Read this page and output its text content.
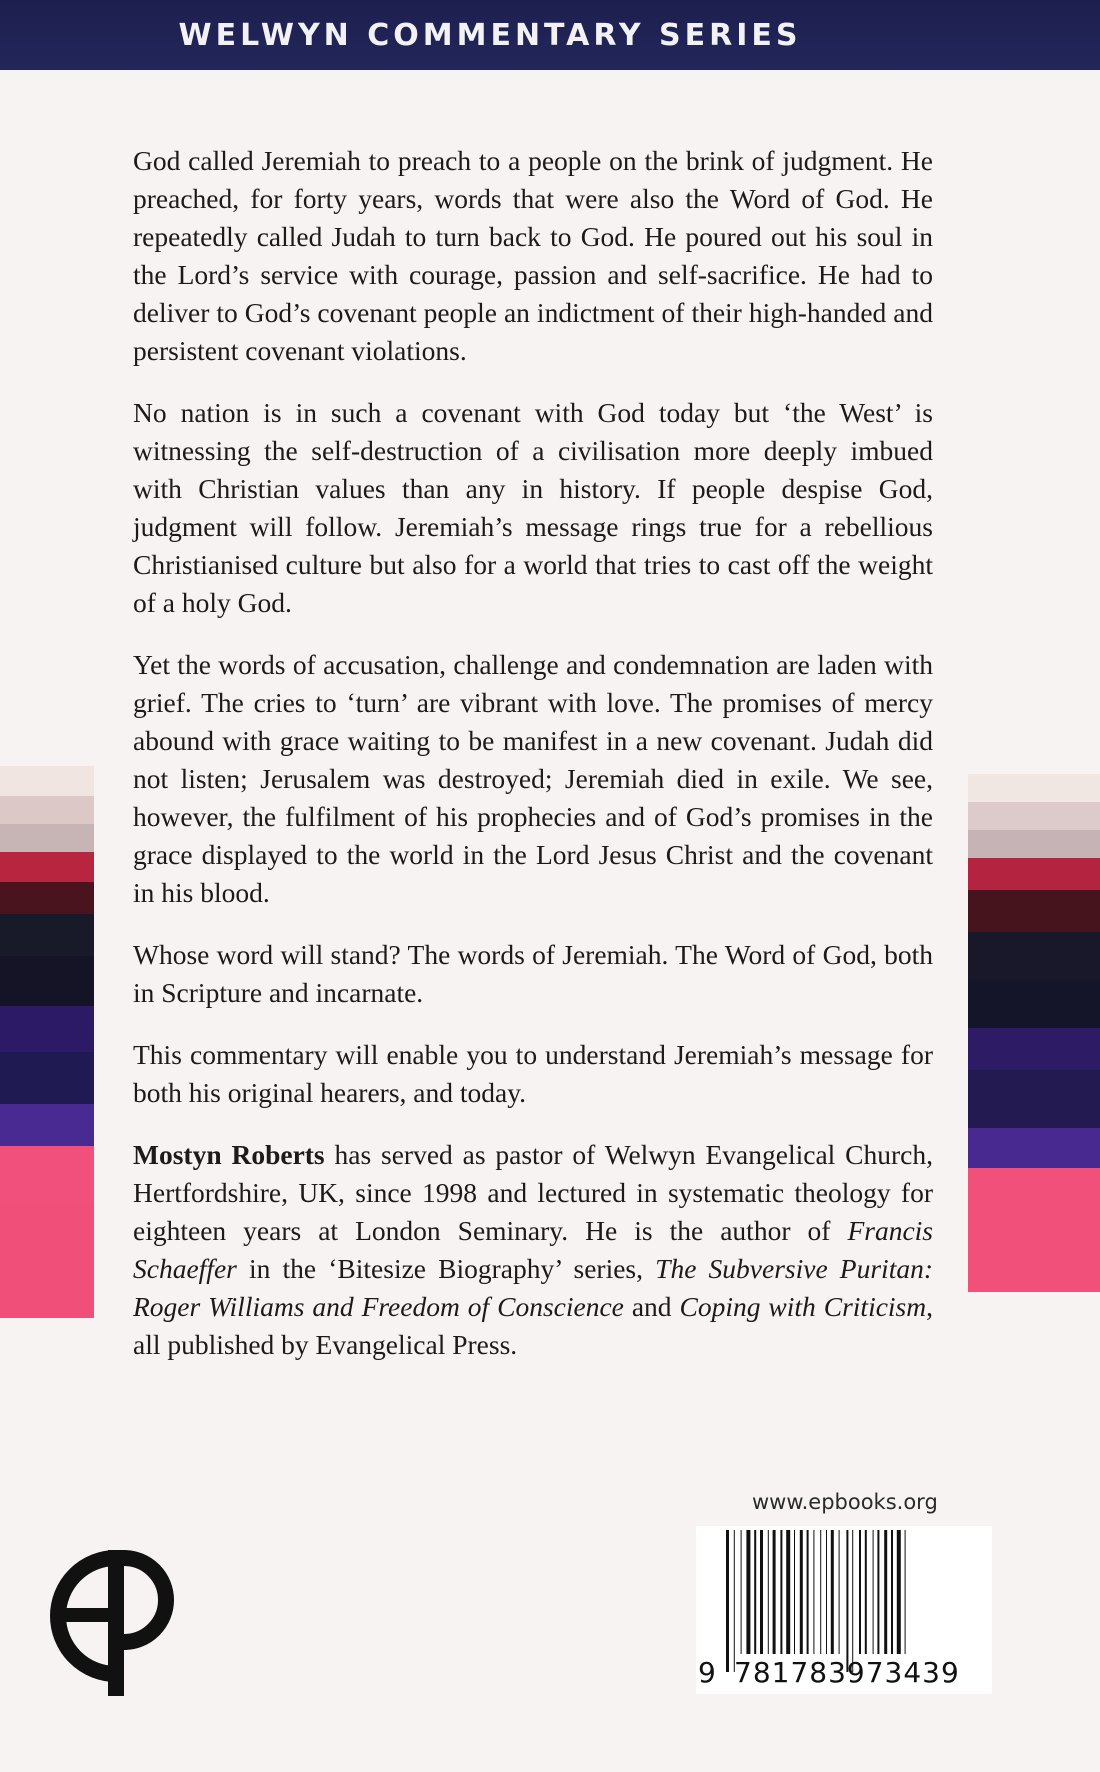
WELWYN COMMENTARY SERIES

God called Jeremiah to preach to a people on the brink of judgment. He preached, for forty years, words that were also the Word of God. He repeatedly called Judah to turn back to God. He poured out his soul in the Lord’s service with courage, passion and self-sacrifice. He had to deliver to God’s covenant people an indictment of their high-handed and persistent covenant violations.

No nation is in such a covenant with God today but ‘the West’ is witnessing the self-destruction of a civilisation more deeply imbued with Christian values than any in history. If people despise God, judgment will follow. Jeremiah’s message rings true for a rebellious Christianised culture but also for a world that tries to cast off the weight of a holy God.

Yet the words of accusation, challenge and condemnation are laden with grief. The cries to ‘turn’ are vibrant with love. The promises of mercy abound with grace waiting to be manifest in a new covenant. Judah did not listen; Jerusalem was destroyed; Jeremiah died in exile. We see, however, the fulfilment of his prophecies and of God’s promises in the grace displayed to the world in the Lord Jesus Christ and the covenant in his blood.

Whose word will stand? The words of Jeremiah. The Word of God, both in Scripture and incarnate.

This commentary will enable you to understand Jeremiah’s message for both his original hearers, and today.

Mostyn Roberts has served as pastor of Welwyn Evangelical Church, Hertfordshire, UK, since 1998 and lectured in systematic theology for eighteen years at London Seminary. He is the author of Francis Schaeffer in the ‘Bitesize Biography’ series, The Subversive Puritan: Roger Williams and Freedom of Conscience and Coping with Criticism, all published by Evangelical Press.

www.epbooks.org
9 781783973439
